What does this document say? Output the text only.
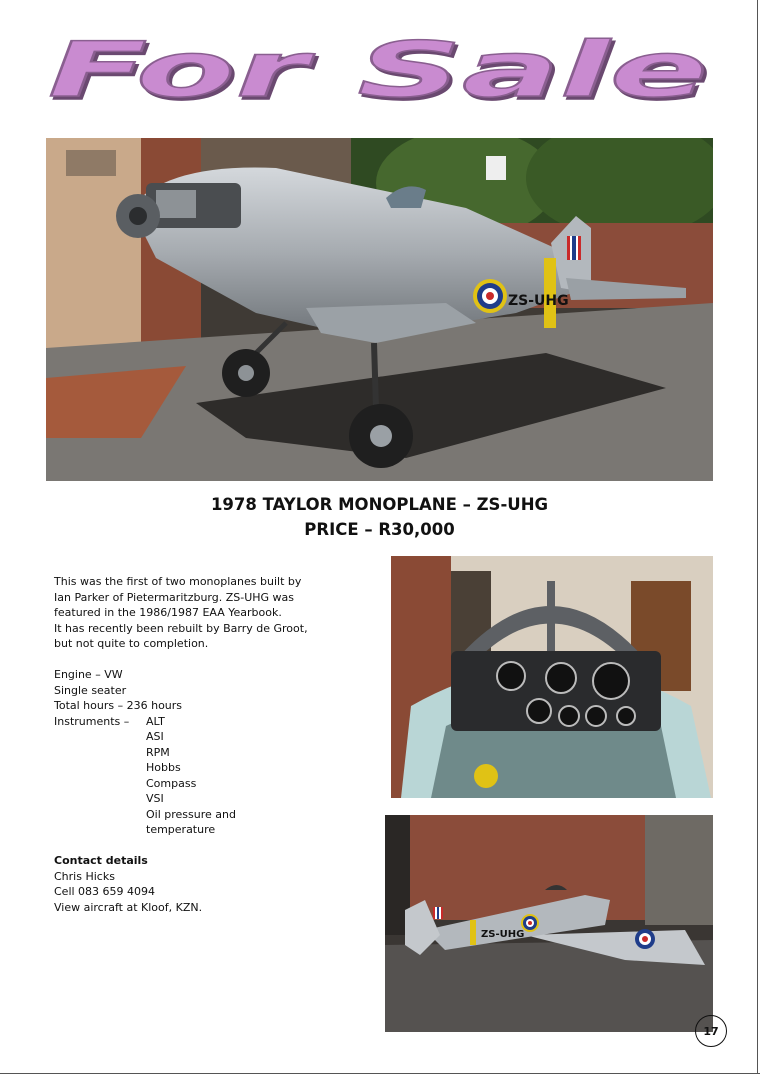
For Sale
ZS-UHG
1978 TAYLOR MONOPLANE – ZS-UHG
PRICE – R30,000

This was the first of two monoplanes built by

Ian Parker of Pietermaritzburg. ZS-UHG was

featured in the 1986/1987 EAA Yearbook.

It has recently been rebuilt by Barry de Groot,

but not quite to completion.

Engine – VW

Single seater

Total hours – 236 hours

Instruments –	ALT
ASI
RPM
Hobbs
Compass
VSI
Oil pressure and
temperature

Contact details

Chris Hicks

Cell 083 659 4094

View aircraft at Kloof, KZN.

ZS-UHG
17
